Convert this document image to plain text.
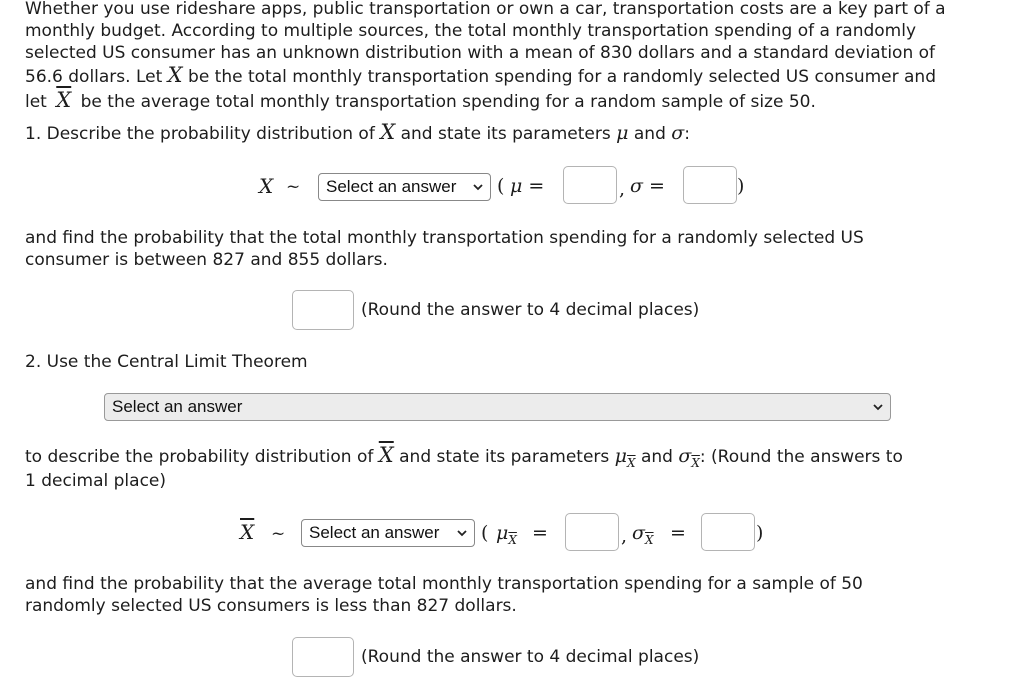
Whether you use rideshare apps, public transportation or own a car, transportation costs are a key part of a
monthly budget. According to multiple sources, the total monthly transportation spending of a randomly
selected US consumer has an unknown distribution with a mean of 830 dollars and a standard deviation of
56.6 dollars. Let X be the total monthly transportation spending for a randomly selected US consumer and
let $\overline{X}$ be the average total monthly transportation spending for a random sample of size 50.
1. Describe the probability distribution of X and state its parameters μ and σ:
X ~ Select an answer ( μ =	, σ =	)
and find the probability that the total monthly transportation spending for a randomly selected US
consumer is between 827 and 855 dollars.
(Round the answer to 4 decimal places)
2. Use the Central Limit Theorem
Select an answer
to describe the probability distribution of $\overline{X}$ and state its parameters $\mu_{\overline{X}}$ and $\sigma_{\overline{X}}$: (Round the answers to
1 decimal place)
$\overline{X}$ ~ Select an answer ( $\mu_{\overline{X}}$ =	, $\sigma_{\overline{X}}$ =	)
and find the probability that the average total monthly transportation spending for a sample of 50
randomly selected US consumers is less than 827 dollars.
(Round the answer to 4 decimal places)
